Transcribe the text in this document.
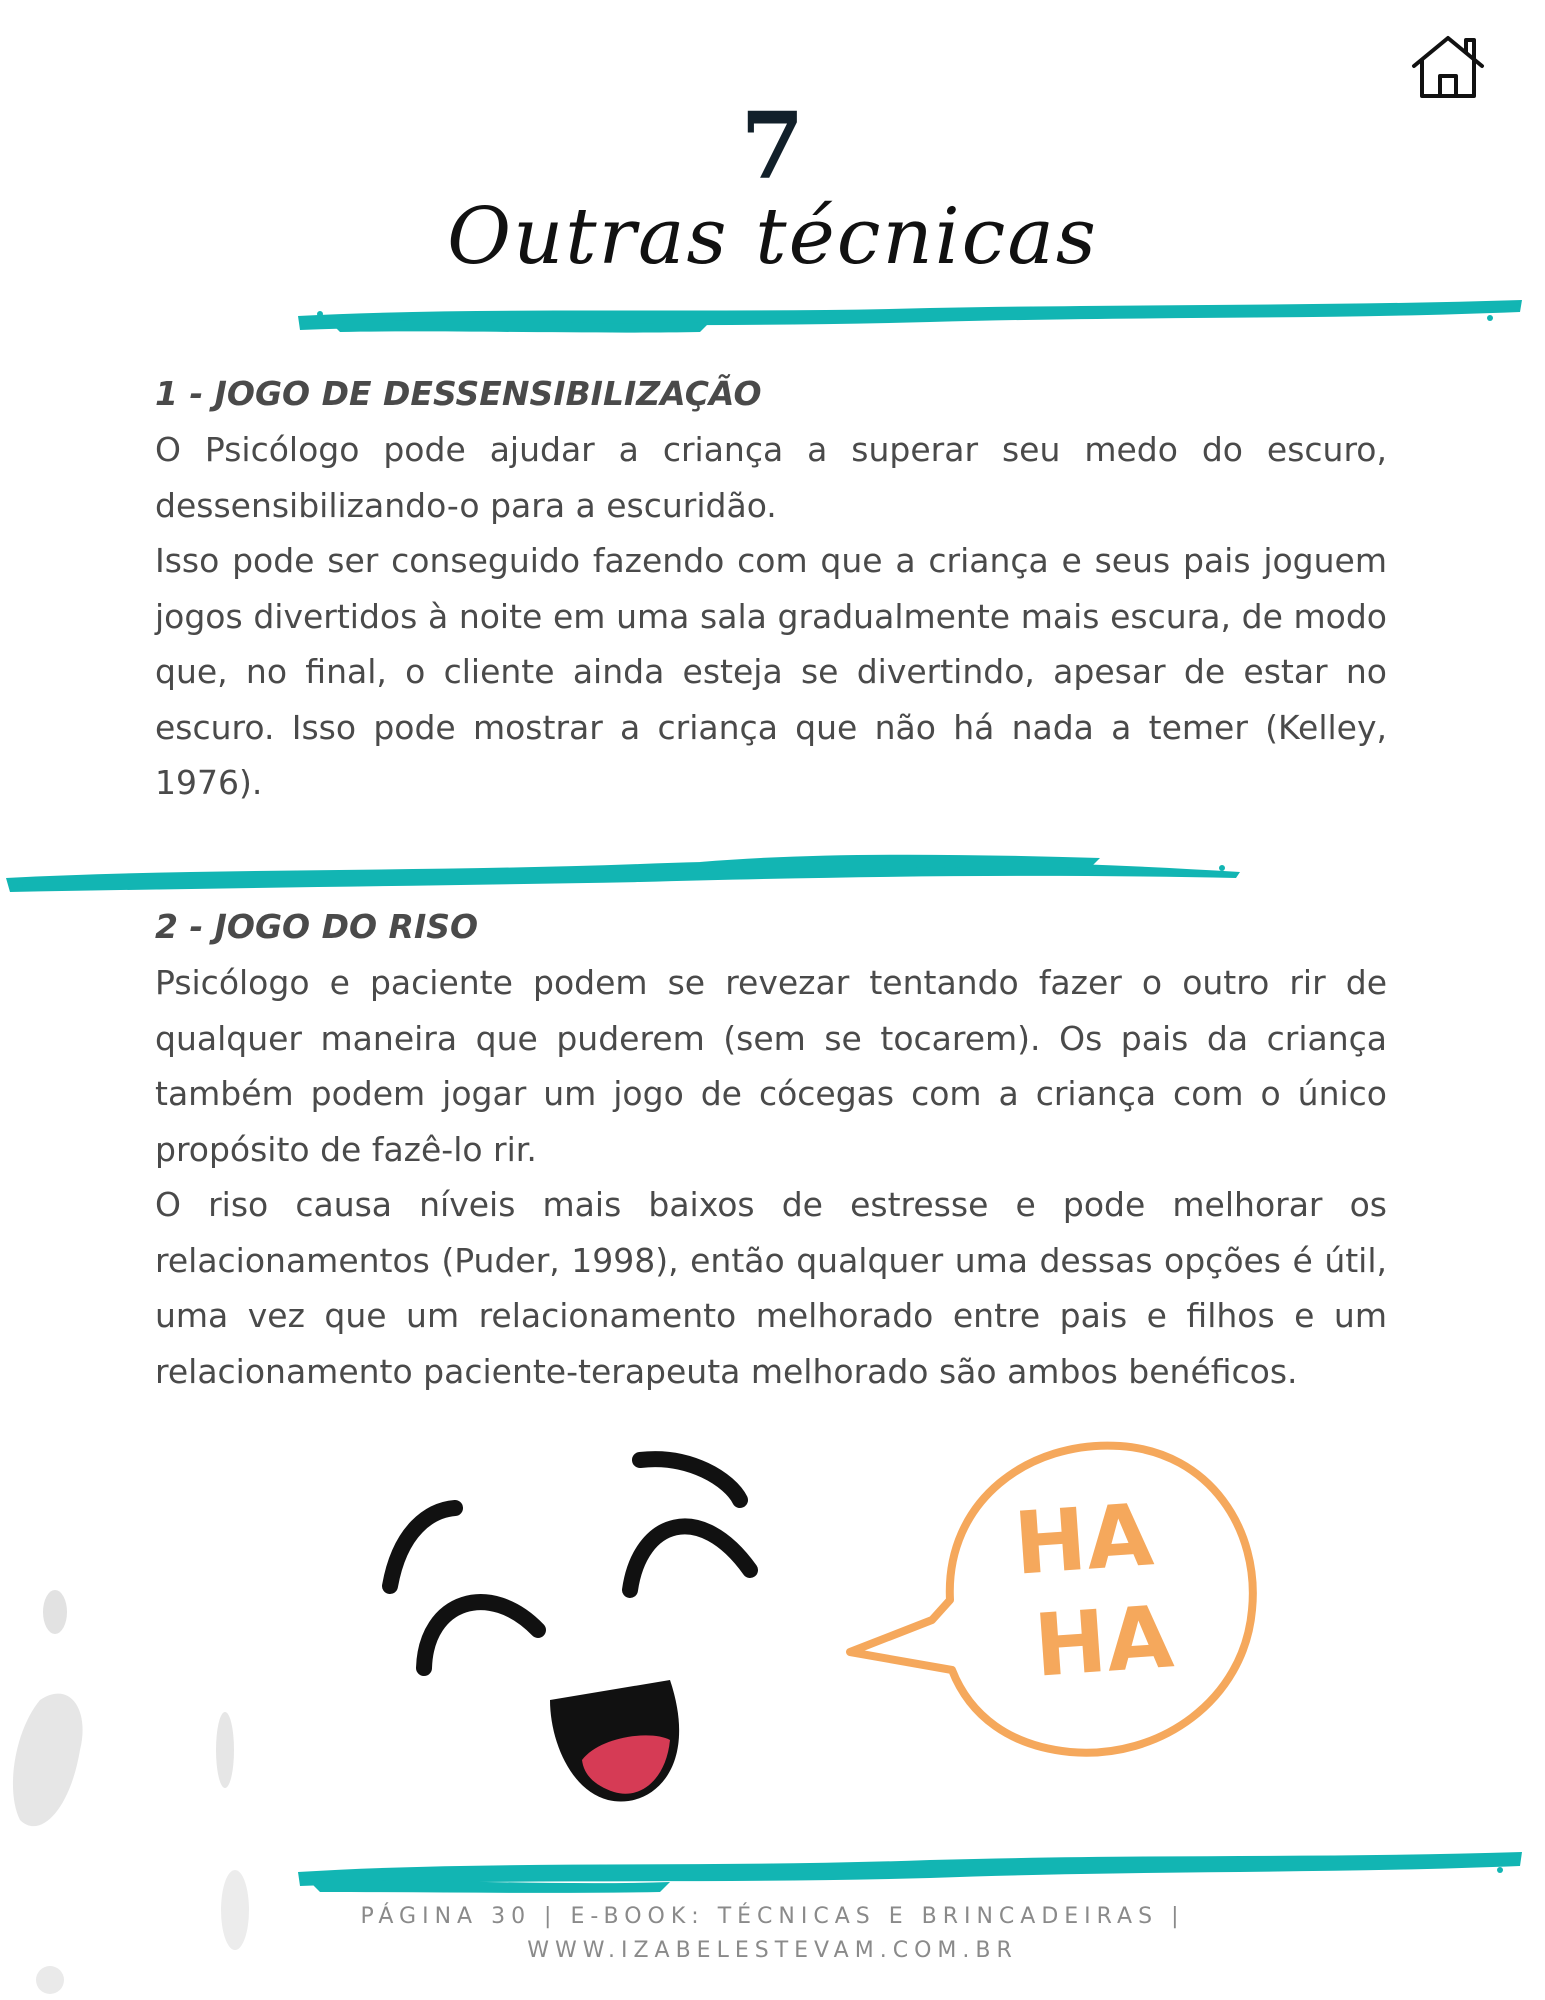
7
Outras técnicas

1 - JOGO DE DESSENSIBILIZAÇÃO

O Psicólogo pode ajudar a criança a superar seu medo do escuro, dessensibilizando-o para a escuridão.

Isso pode ser conseguido fazendo com que a criança e seus pais joguem jogos divertidos à noite em uma sala gradualmente mais escura, de modo que, no final, o cliente ainda esteja se divertindo, apesar de estar no escuro. Isso pode mostrar a criança que não há nada a temer (Kelley, 1976).

2 - JOGO DO RISO

Psicólogo e paciente podem se revezar tentando fazer o outro rir de qualquer maneira que puderem (sem se tocarem). Os pais da criança também podem jogar um jogo de cócegas com a criança com o único propósito de fazê-lo rir.

O riso causa níveis mais baixos de estresse e pode melhorar os relacionamentos (Puder, 1998), então qualquer uma dessas opções é útil, uma vez que um relacionamento melhorado entre pais e filhos e um relacionamento paciente-terapeuta melhorado são ambos benéficos.

HA
HA
PÁGINA 30 | E-BOOK: TÉCNICAS E BRINCADEIRAS |
WWW.IZABELESTEVAM.COM.BR
